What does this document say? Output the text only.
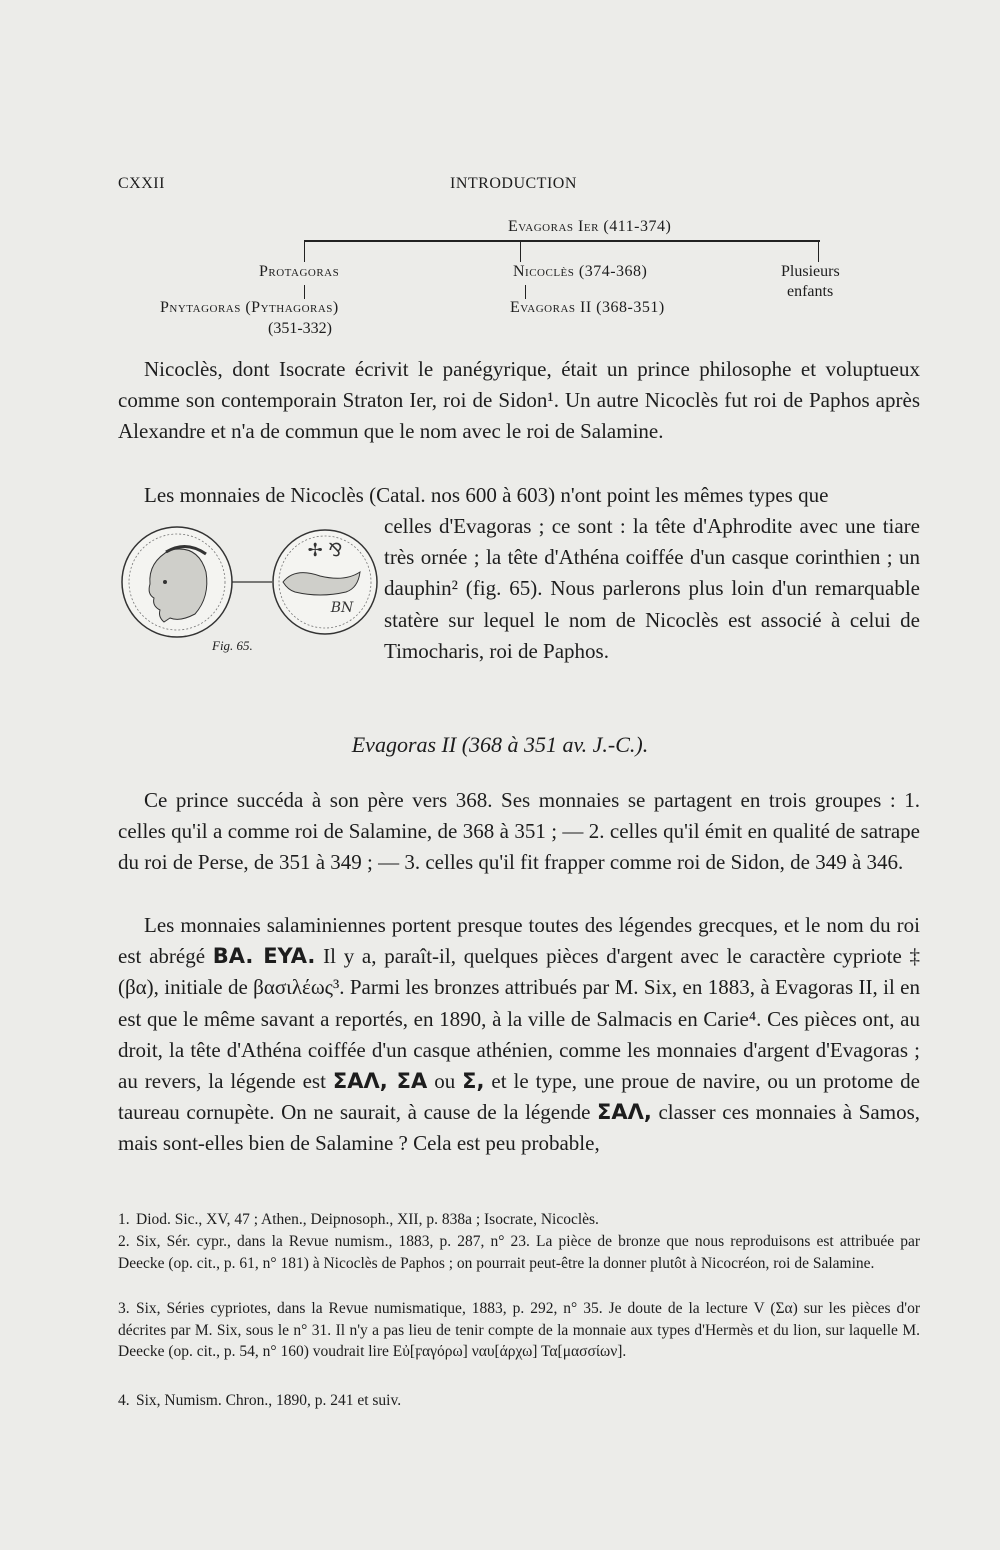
CXXII	INTRODUCTION
Evagoras Ier (411-374)
Protagoras
Pnytagoras (Pythagoras)
(351-332)
Nicoclès (374-368)
Evagoras II (368-351)
Plusieurs
enfants

Nicoclès, dont Isocrate écrivit le panégyrique, était un prince philosophe et voluptueux comme son contemporain Straton Ier, roi de Sidon¹. Un autre Nicoclès fut roi de Paphos après Alexandre et n'a de commun que le nom avec le roi de Salamine.

Les monnaies de Nicoclès (Catal. nos 600 à 603) n'ont point les mêmes types que

✢ ⅋
BN
Fig. 65.

celles d'Evagoras ; ce sont : la tête d'Aphrodite avec une tiare très ornée ; la tête d'Athéna coiffée d'un casque corinthien ; un dauphin² (fig. 65). Nous parlerons plus loin d'un remarquable statère sur lequel le nom de Nicoclès est associé à celui de Timocharis, roi de Paphos.

Evagoras II (368 à 351 av. J.-C.).

Ce prince succéda à son père vers 368. Ses monnaies se partagent en trois groupes : 1. celles qu'il a comme roi de Salamine, de 368 à 351 ; — 2. celles qu'il émit en qualité de satrape du roi de Perse, de 351 à 349 ; — 3. celles qu'il fit frapper comme roi de Sidon, de 349 à 346.

Les monnaies salaminiennes portent presque toutes des légendes grecques, et le nom du roi est abrégé BA. EYA. Il y a, paraît-il, quelques pièces d'argent avec le caractère cypriote ‡ (βα), initiale de βασιλέως³. Parmi les bronzes attribués par M. Six, en 1883, à Evagoras II, il en est que le même savant a reportés, en 1890, à la ville de Salmacis en Carie⁴. Ces pièces ont, au droit, la tête d'Athéna coiffée d'un casque athénien, comme les monnaies d'argent d'Evagoras ; au revers, la légende est ΣΑΛ, ΣΑ ou Σ, et le type, une proue de navire, ou un protome de taureau cornupète. On ne saurait, à cause de la légende ΣΑΛ, classer ces monnaies à Samos, mais sont-elles bien de Salamine ? Cela est peu probable,

1. Diod. Sic., XV, 47 ; Athen., Deipnosoph., XII, p. 838a ; Isocrate, Nicoclès.

2. Six, Sér. cypr., dans la Revue numism., 1883, p. 287, n° 23. La pièce de bronze que nous reproduisons est attribuée par Deecke (op. cit., p. 61, n° 181) à Nicoclès de Paphos ; on pourrait peut-être la donner plutôt à Nicocréon, roi de Salamine.

3. Six, Séries cypriotes, dans la Revue numismatique, 1883, p. 292, n° 35. Je doute de la lecture V (Σα) sur les pièces d'or décrites par M. Six, sous le n° 31. Il n'y a pas lieu de tenir compte de la monnaie aux types d'Hermès et du lion, sur laquelle M. Deecke (op. cit., p. 54, n° 160) voudrait lire Εὐ[ϝαγόρω] ναυ[άρχω] Τα[μασσίων].

4. Six, Numism. Chron., 1890, p. 241 et suiv.
